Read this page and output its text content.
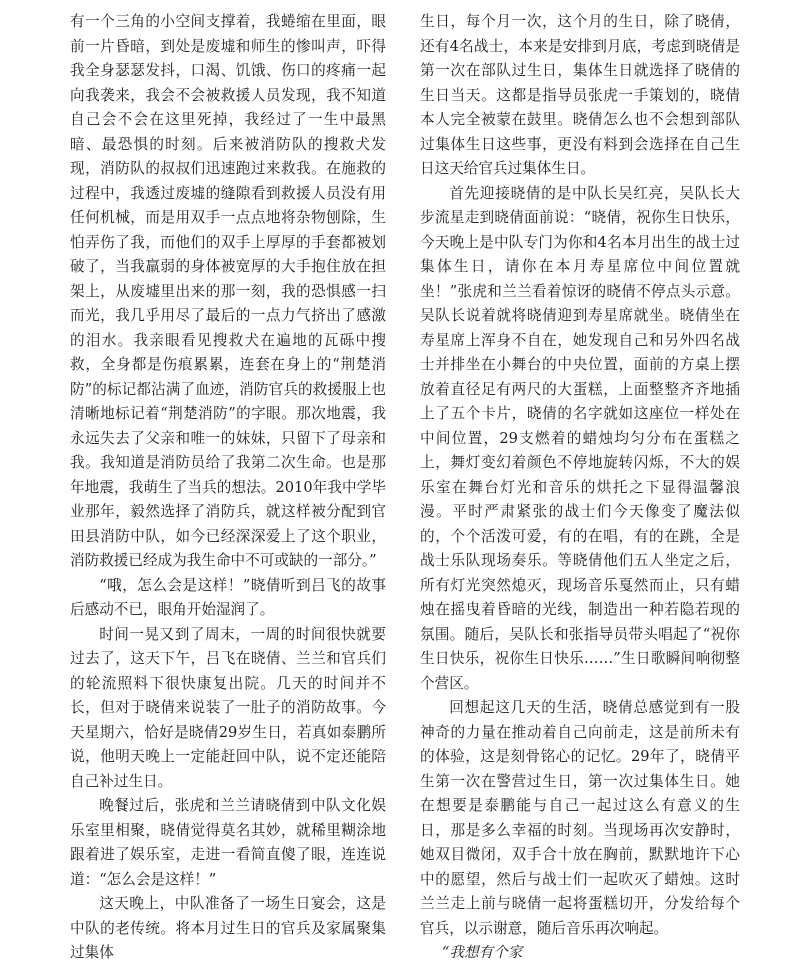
有一个三角的小空间支撑着，我蜷缩在里面，眼前一片昏暗，到处是废墟和师生的惨叫声，吓得我全身瑟瑟发抖，口渴、饥饿、伤口的疼痛一起向我袭来，我会不会被救援人员发现，我不知道自己会不会在这里死掉，我经过了一生中最黑暗、最恐惧的时刻。后来被消防队的搜救犬发现，消防队的叔叔们迅速跑过来救我。在施救的过程中，我透过废墟的缝隙看到救援人员没有用任何机械，而是用双手一点点地将杂物刨除，生怕弄伤了我，而他们的双手上厚厚的手套都被划破了，当我羸弱的身体被宽厚的大手抱住放在担架上，从废墟里出来的那一刻，我的恐惧感一扫而光，我几乎用尽了最后的一点力气挤出了感激的泪水。我亲眼看见搜救犬在遍地的瓦砾中搜救，全身都是伤痕累累，连套在身上的“荆楚消防”的标记都沾满了血迹，消防官兵的救援服上也清晰地标记着“荆楚消防”的字眼。那次地震，我永远失去了父亲和唯一的妹妹，只留下了母亲和我。我知道是消防员给了我第二次生命。也是那年地震，我萌生了当兵的想法。2010年我中学毕业那年，毅然选择了消防兵，就这样被分配到官田县消防中队，如今已经深深爱上了这个职业，消防救援已经成为我生命中不可或缺的一部分。”

“哦，怎么会是这样！”晓倩听到吕飞的故事后感动不已，眼角开始湿润了。

时间一晃又到了周末，一周的时间很快就要过去了，这天下午，吕飞在晓倩、兰兰和官兵们的轮流照料下很快康复出院。几天的时间并不长，但对于晓倩来说装了一肚子的消防故事。今天星期六，恰好是晓倩29岁生日，若真如泰鹏所说，他明天晚上一定能赶回中队，说不定还能陪自己补过生日。

晚餐过后，张虎和兰兰请晓倩到中队文化娱乐室里相聚，晓倩觉得莫名其妙，就稀里糊涂地跟着进了娱乐室，走进一看简直傻了眼，连连说道：“怎么会是这样！”

这天晚上，中队准备了一场生日宴会，这是中队的老传统。将本月过生日的官兵及家属聚集过集体

生日，每个月一次，这个月的生日，除了晓倩，还有4名战士，本来是安排到月底，考虑到晓倩是第一次在部队过生日，集体生日就选择了晓倩的生日当天。这都是指导员张虎一手策划的，晓倩本人完全被蒙在鼓里。晓倩怎么也不会想到部队过集体生日这些事，更没有料到会选择在自己生日这天给官兵过集体生日。

首先迎接晓倩的是中队长吴红亮，吴队长大步流星走到晓倩面前说：“晓倩，祝你生日快乐，今天晚上是中队专门为你和4名本月出生的战士过集体生日，请你在本月寿星席位中间位置就坐！”张虎和兰兰看着惊讶的晓倩不停点头示意。吴队长说着就将晓倩迎到寿星席就坐。晓倩坐在寿星席上浑身不自在，她发现自己和另外四名战士并排坐在小舞台的中央位置，面前的方桌上摆放着直径足有两尺的大蛋糕，上面整整齐齐地插上了五个卡片，晓倩的名字就如这座位一样处在中间位置，29支燃着的蜡烛均匀分布在蛋糕之上，舞灯变幻着颜色不停地旋转闪烁，不大的娱乐室在舞台灯光和音乐的烘托之下显得温馨浪漫。平时严肃紧张的战士们今天像变了魔法似的，个个活泼可爱，有的在唱，有的在跳，全是战士乐队现场奏乐。等晓倩他们五人坐定之后，所有灯光突然熄灭，现场音乐戛然而止，只有蜡烛在摇曳着昏暗的光线，制造出一种若隐若现的氛围。随后，吴队长和张指导员带头唱起了“祝你生日快乐，祝你生日快乐……”生日歌瞬间响彻整个营区。

回想起这几天的生活，晓倩总感觉到有一股神奇的力量在推动着自己向前走，这是前所未有的体验，这是刻骨铭心的记忆。29年了，晓倩平生第一次在警营过生日，第一次过集体生日。她在想要是泰鹏能与自己一起过这么有意义的生日，那是多么幸福的时刻。当现场再次安静时，她双目微闭，双手合十放在胸前，默默地许下心中的愿望，然后与战士们一起吹灭了蜡烛。这时兰兰走上前与晓倩一起将蛋糕切开，分发给每个官兵，以示谢意，随后音乐再次响起。

“我想有个家
